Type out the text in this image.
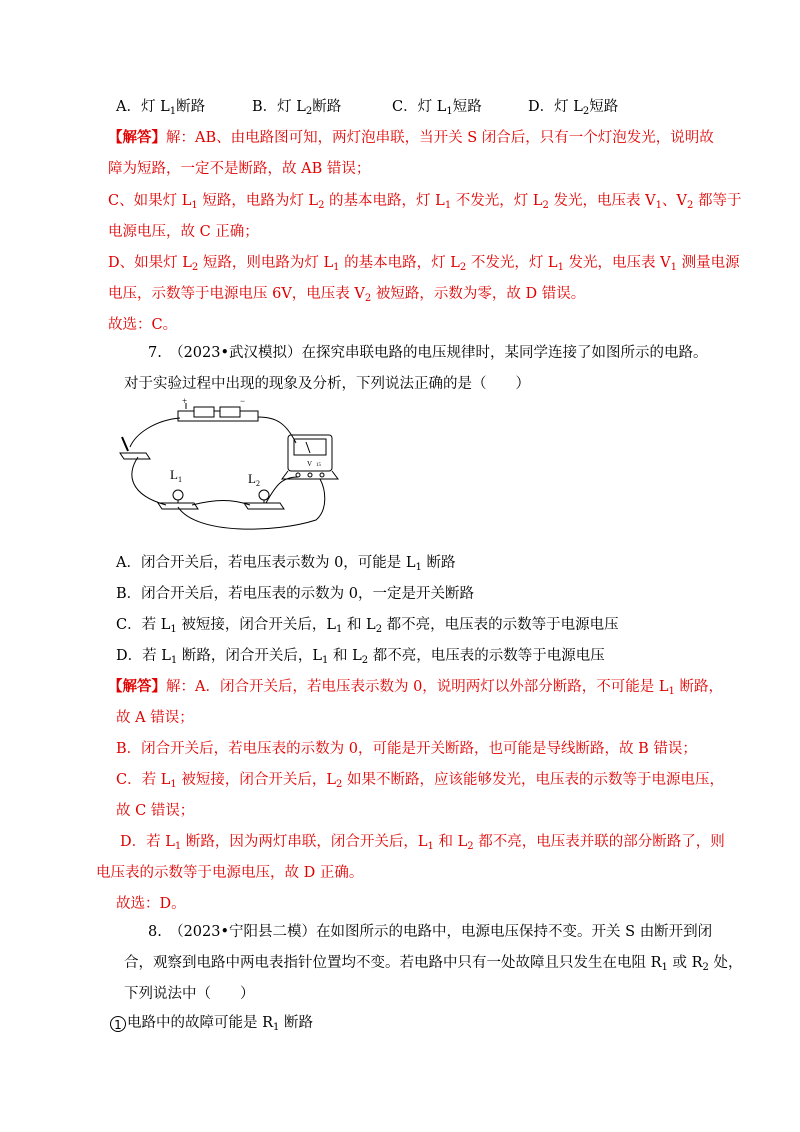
A．灯 $L_1$断路	B．灯 $L_2$断路	C．灯 $L_1$短路	D．灯 $L_2$短路
【解答】解：AB、由电路图可知，两灯泡串联，当开关 S 闭合后，只有一个灯泡发光，说明故
障为短路，一定不是断路，故 AB 错误；
C、如果灯 $L_1$ 短路，电路为灯 $L_2$ 的基本电路，灯 $L_1$ 不发光，灯 $L_2$ 发光，电压表 $V_1$、$V_2$ 都等于
电源电压，故 C 正确；
D、如果灯 $L_2$ 短路，则电路为灯 $L_1$ 的基本电路，灯 $L_2$ 不发光，灯 $L_1$ 发光，电压表 $V_1$ 测量电源
电压，示数等于电源电压 6V，电压表 $V_2$ 被短路，示数为零，故 D 错误。
故选：C。
7.　（2023•武汉模拟）在探究串联电路的电压规律时，某同学连接了如图所示的电路。
对于实验过程中出现的现象及分析，下列说法正确的是（　　）
+	−
L 1	L 2
V 15
A．闭合开关后，若电压表示数为 0，可能是 $L_1$ 断路
B．闭合开关后，若电压表的示数为 0，一定是开关断路
C．若 $L_1$ 被短接，闭合开关后，$L_1$ 和 $L_2$ 都不亮，电压表的示数等于电源电压
D．若 $L_1$ 断路，闭合开关后，$L_1$ 和 $L_2$ 都不亮，电压表的示数等于电源电压
【解答】解：A．闭合开关后，若电压表示数为 0，说明两灯以外部分断路，不可能是 $L_1$ 断路，
故 A 错误；
B．闭合开关后，若电压表的示数为 0，可能是开关断路，也可能是导线断路，故 B 错误；
C．若 $L_1$ 被短接，闭合开关后，$L_2$ 如果不断路，应该能够发光，电压表的示数等于电源电压，
故 C 错误；
D．若 $L_1$ 断路，因为两灯串联，闭合开关后，$L_1$ 和 $L_2$ 都不亮，电压表并联的部分断路了，则
电压表的示数等于电源电压，故 D 正确。
故选：D。
8.　（2023•宁阳县二模）在如图所示的电路中，电源电压保持不变。开关 S 由断开到闭
合，观察到电路中两电表指针位置均不变。若电路中只有一处故障且只发生在电阻 $R_1$ 或 $R_2$ 处，
下列说法中（　　）
1 电路中的故障可能是 $R_1$ 断路
